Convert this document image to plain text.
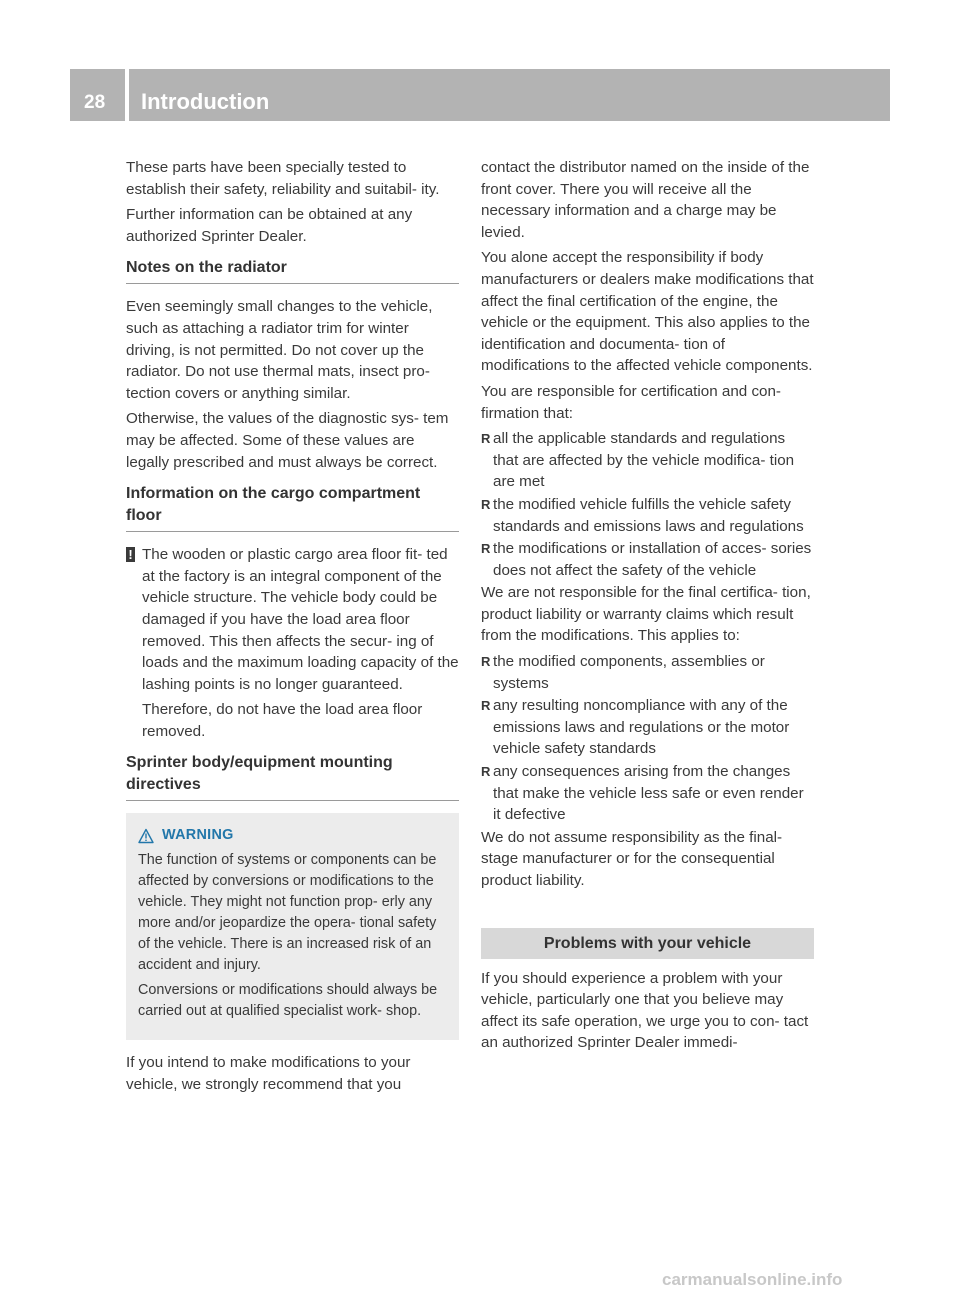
28 Introduction
These parts have been specially tested to establish their safety, reliability and suitabil- ity.
Further information can be obtained at any authorized Sprinter Dealer.
Notes on the radiator
Even seemingly small changes to the vehicle, such as attaching a radiator trim for winter driving, is not permitted. Do not cover up the radiator. Do not use thermal mats, insect pro- tection covers or anything similar.
Otherwise, the values of the diagnostic sys- tem may be affected. Some of these values are legally prescribed and must always be correct.
Information on the cargo compartment floor
! The wooden or plastic cargo area floor fit- ted at the factory is an integral component of the vehicle structure. The vehicle body could be damaged if you have the load area floor removed. This then affects the secur- ing of loads and the maximum loading capacity of the lashing points is no longer guaranteed.
Therefore, do not have the load area floor removed.
Sprinter body/equipment mounting directives
WARNING
The function of systems or components can be affected by conversions or modifications to the vehicle. They might not function prop- erly any more and/or jeopardize the opera- tional safety of the vehicle. There is an increased risk of an accident and injury.
Conversions or modifications should always be carried out at qualified specialist work- shop.
If you intend to make modifications to your vehicle, we strongly recommend that you
contact the distributor named on the inside of the front cover. There you will receive all the necessary information and a charge may be levied.
You alone accept the responsibility if body manufacturers or dealers make modifications that affect the final certification of the engine, the vehicle or the equipment. This also applies to the identification and documenta- tion of modifications to the affected vehicle components.
You are responsible for certification and con- firmation that:
R all the applicable standards and regulations that are affected by the vehicle modifica- tion are met
R the modified vehicle fulfills the vehicle safety standards and emissions laws and regulations
R the modifications or installation of acces- sories does not affect the safety of the vehicle
We are not responsible for the final certifica- tion, product liability or warranty claims which result from the modifications. This applies to:
R the modified components, assemblies or systems
R any resulting noncompliance with any of the emissions laws and regulations or the motor vehicle safety standards
R any consequences arising from the changes that make the vehicle less safe or even render it defective
We do not assume responsibility as the final- stage manufacturer or for the consequential product liability.
Problems with your vehicle
If you should experience a problem with your vehicle, particularly one that you believe may affect its safe operation, we urge you to con- tact an authorized Sprinter Dealer immedi-
carmanualsonline.info
